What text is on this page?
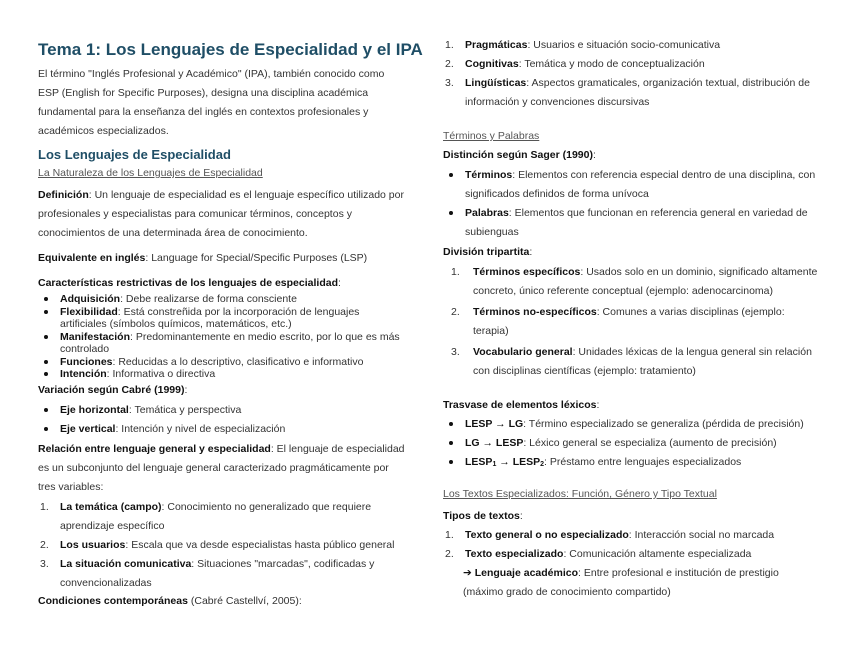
Tema 1: Los Lenguajes de Especialidad y el IPA
El término "Inglés Profesional y Académico" (IPA), también conocido como ESP (English for Specific Purposes), designa una disciplina académica fundamental para la enseñanza del inglés en contextos profesionales y académicos especializados.
Los Lenguajes de Especialidad
La Naturaleza de los Lenguajes de Especialidad
Definición: Un lenguaje de especialidad es el lenguaje específico utilizado por profesionales y especialistas para comunicar términos, conceptos y conocimientos de una determinada área de conocimiento.
Equivalente en inglés: Language for Special/Specific Purposes (LSP)
Características restrictivas de los lenguajes de especialidad:
Adquisición: Debe realizarse de forma consciente
Flexibilidad: Está constreñida por la incorporación de lenguajes artificiales (símbolos químicos, matemáticos, etc.)
Manifestación: Predominantemente en medio escrito, por lo que es más controlado
Funciones: Reducidas a lo descriptivo, clasificativo e informativo
Intención: Informativa o directiva
Variación según Cabré (1999):
Eje horizontal: Temática y perspectiva
Eje vertical: Intención y nivel de especialización
Relación entre lenguaje general y especialidad: El lenguaje de especialidad es un subconjunto del lenguaje general caracterizado pragmáticamente por tres variables:
1. La temática (campo): Conocimiento no generalizado que requiere aprendizaje específico
2. Los usuarios: Escala que va desde especialistas hasta público general
3. La situación comunicativa: Situaciones "marcadas", codificadas y convencionalizadas
Condiciones contemporáneas (Cabré Castellví, 2005):
1. Pragmáticas: Usuarios e situación socio-comunicativa
2. Cognitivas: Temática y modo de conceptualización
3. Lingüísticas: Aspectos gramaticales, organización textual, distribución de información y convenciones discursivas
Términos y Palabras
Distinción según Sager (1990):
Términos: Elementos con referencia especial dentro de una disciplina, con significados definidos de forma unívoca
Palabras: Elementos que funcionan en referencia general en variedad de subienguas
División tripartita:
1. Términos específicos: Usados solo en un dominio, significado altamente concreto, único referente conceptual (ejemplo: adenocarcinoma)
2. Términos no-específicos: Comunes a varias disciplinas (ejemplo: terapia)
3. Vocabulario general: Unidades léxicas de la lengua general sin relación con disciplinas científicas (ejemplo: tratamiento)
Trasvase de elementos léxicos:
LESP → LG: Término especializado se generaliza (pérdida de precisión)
LG → LESP: Léxico general se especializa (aumento de precisión)
LESP1 → LESP2: Préstamo entre lenguajes especializados
Los Textos Especializados: Función, Género y Tipo Textual
Tipos de textos:
1. Texto general o no especializado: Interacción social no marcada
2. Texto especializado: Comunicación altamente especializada
➔ Lenguaje académico: Entre profesional e institución de prestigio (máximo grado de conocimiento compartido)
